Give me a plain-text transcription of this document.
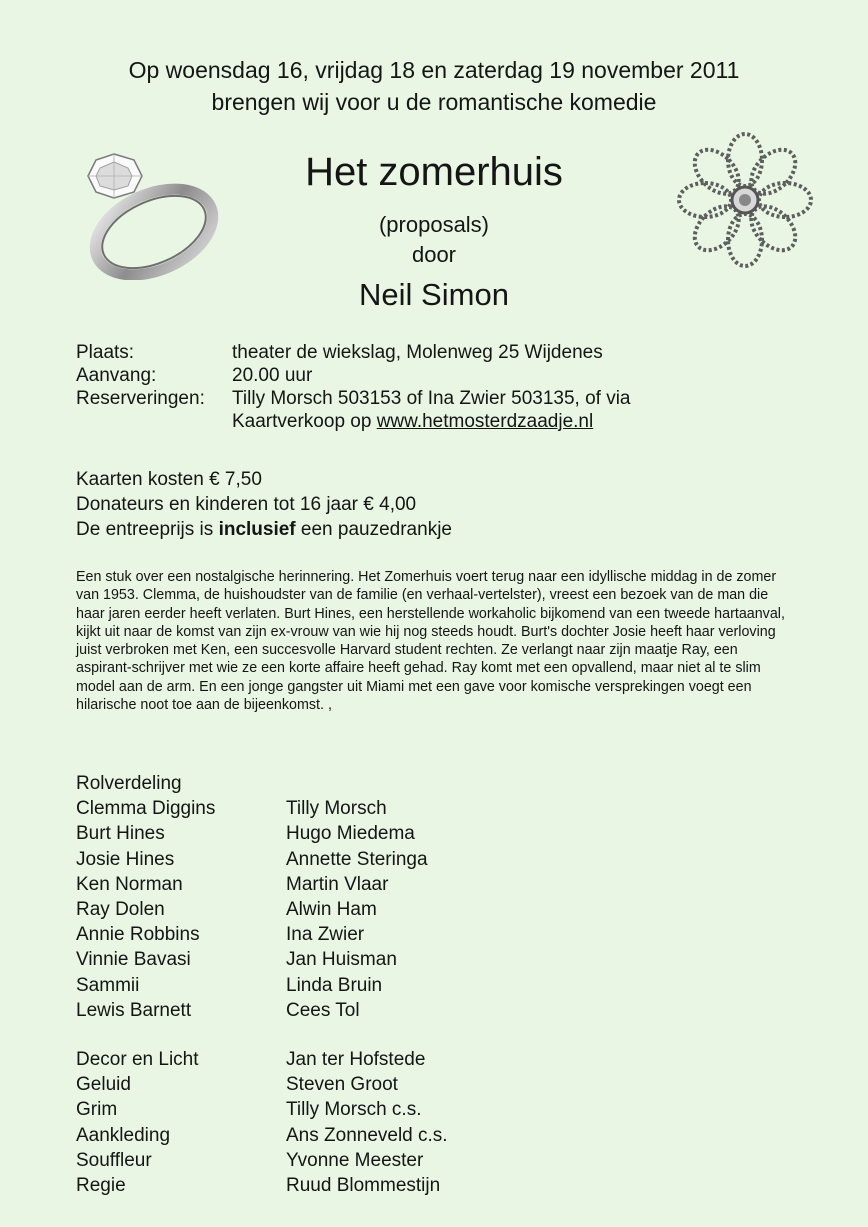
Op woensdag 16, vrijdag 18 en zaterdag 19 november 2011
brengen wij voor u de romantische komedie
Het zomerhuis
(proposals)
door
Neil Simon
Plaats:	theater de wiekslag, Molenweg 25 Wijdenes
Aanvang:	20.00 uur
Reserveringen: Tilly Morsch 503153 of Ina Zwier 503135, of via
Kaartverkoop op www.hetmosterdzaadje.nl
Kaarten kosten € 7,50
Donateurs en kinderen tot 16 jaar € 4,00
De entreeprijs is inclusief een pauzedrankje

Een stuk over een nostalgische herinnering. Het Zomerhuis voert terug naar een idyllische middag in de zomer van 1953. Clemma, de huishoudster van de familie (en verhaal-vertelster), vreest een bezoek van de man die haar jaren eerder heeft verlaten. Burt Hines, een herstellende workaholic bijkomend van een tweede hartaanval, kijkt uit naar de komst van zijn ex-vrouw van wie hij nog steeds houdt. Burt's dochter Josie heeft haar verloving juist verbroken met Ken, een succesvolle Harvard student rechten. Ze verlangt naar zijn maatje Ray, een aspirant-schrijver met wie ze een korte affaire heeft gehad. Ray komt met een opvallend, maar niet al te slim model aan de arm. En een jonge gangster uit Miami met een gave voor komische versprekingen voegt een hilarische noot toe aan de bijeenkomst. ,

Rolverdeling
Clemma Diggins	Tilly Morsch
Burt Hines	Hugo Miedema
Josie Hines	Annette Steringa
Ken Norman	Martin Vlaar
Ray Dolen	Alwin Ham
Annie Robbins	Ina Zwier
Vinnie Bavasi	Jan Huisman
Sammii	Linda Bruin
Lewis Barnett	Cees Tol
Decor en Licht	Jan ter Hofstede
Geluid	Steven Groot
Grim	Tilly Morsch c.s.
Aankleding	Ans Zonneveld c.s.
Souffleur	Yvonne Meester
Regie	Ruud Blommestijn
